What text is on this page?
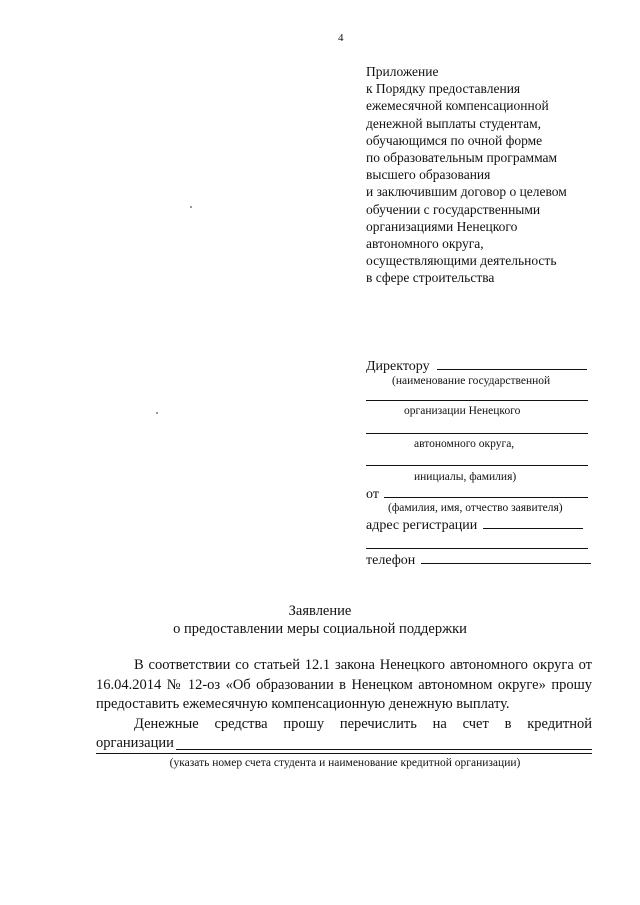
4
Приложение
к Порядку предоставления
ежемесячной компенсационной
денежной выплаты студентам,
обучающимся по очной форме
по образовательным программам
высшего образования
и заключившим договор о целевом
обучении с государственными
организациями Ненецкого
автономного округа,
осуществляющими деятельность
в сфере строительства
Директору
(наименование государственной
организации Ненецкого
автономного округа,
инициалы, фамилия)
от
(фамилия, имя, отчество заявителя)
адрес регистрации
телефон
Заявление
о предоставлении меры социальной поддержки
В соответствии со статьей 12.1 закона Ненецкого автономного округа от 16.04.2014 № 12-оз «Об образовании в Ненецком автономном округе» прошу предоставить ежемесячную компенсационную денежную выплату.
Денежные средства прошу перечислить на счет в кредитной
организации
(указать номер счета студента и наименование кредитной организации)
